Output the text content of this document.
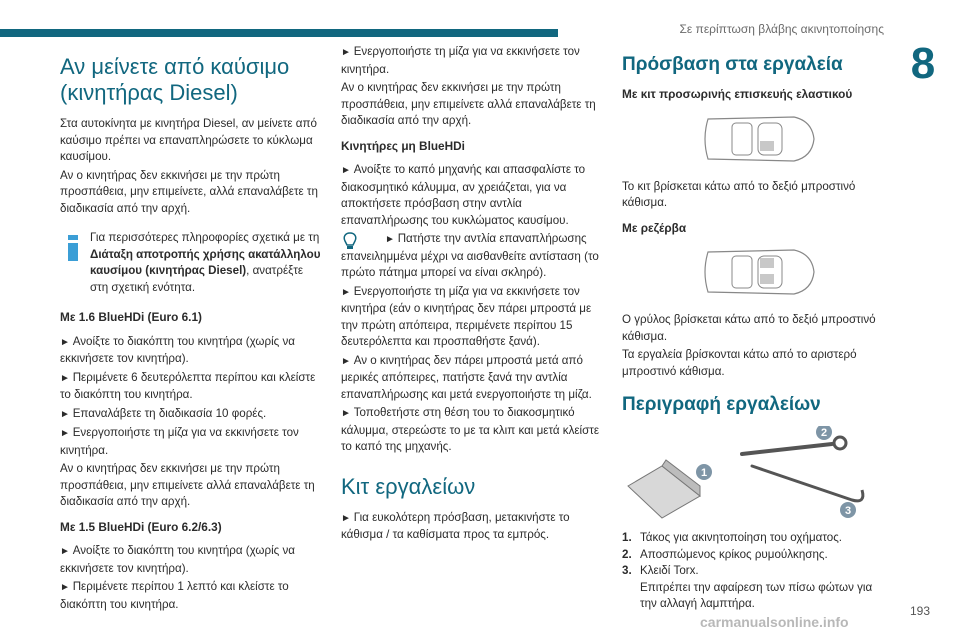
Σε περίπτωση βλάβης ακινητοποίησης
8
Αν μείνετε από καύσιμο
(κινητήρας Diesel)

Στα αυτοκίνητα με κινητήρα Diesel, αν μείνετε από καύσιμο πρέπει να επαναπληρώσετε το κύκλωμα καυσίμου.

Αν ο κινητήρας δεν εκκινήσει με την πρώτη προσπάθεια, μην επιμείνετε, αλλά επαναλάβετε τη διαδικασία από την αρχή.

Για περισσότερες πληροφορίες σχετικά με τη Διάταξη αποτροπής χρήσης ακατάλληλου καυσίμου (κινητήρας Diesel), ανατρέξτε στη σχετική ενότητα.
Με 1.6 BlueHDi (Euro 6.1)

► Ανοίξτε το διακόπτη του κινητήρα (χωρίς να εκκινήσετε τον κινητήρα).

► Περιμένετε 6 δευτερόλεπτα περίπου και κλείστε το διακόπτη του κινητήρα.

► Επαναλάβετε τη διαδικασία 10 φορές.

► Ενεργοποιήστε τη μίζα για να εκκινήσετε τον κινητήρα.

Αν ο κινητήρας δεν εκκινήσει με την πρώτη προσπάθεια, μην επιμείνετε αλλά επαναλάβετε τη διαδικασία από την αρχή.

Με 1.5 BlueHDi (Euro 6.2/6.3)

► Ανοίξτε το διακόπτη του κινητήρα (χωρίς να εκκινήσετε τον κινητήρα).

► Περιμένετε περίπου 1 λεπτό και κλείστε το διακόπτη του κινητήρα.

► Ενεργοποιήστε τη μίζα για να εκκινήσετε τον κινητήρα.

Αν ο κινητήρας δεν εκκινήσει με την πρώτη προσπάθεια, μην επιμείνετε αλλά επαναλάβετε τη διαδικασία από την αρχή.

Κινητήρες μη BlueHDi

► Ανοίξτε το καπό μηχανής και απασφαλίστε το διακοσμητικό κάλυμμα, αν χρειάζεται, για να αποκτήσετε πρόσβαση στην αντλία επαναπλήρωσης του κυκλώματος καυσίμου.

► Πατήστε την αντλία επαναπλήρωσης επανειλημμένα μέχρι να αισθανθείτε αντίσταση (το πρώτο πάτημα μπορεί να είναι σκληρό).

► Ενεργοποιήστε τη μίζα για να εκκινήσετε τον κινητήρα (εάν ο κινητήρας δεν πάρει μπροστά με την πρώτη απόπειρα, περιμένετε περίπου 15 δευτερόλεπτα και προσπαθήστε ξανά).

► Αν ο κινητήρας δεν πάρει μπροστά μετά από μερικές απόπειρες, πατήστε ξανά την αντλία επαναπλήρωσης και μετά ενεργοποιήστε τη μίζα.

► Τοποθετήστε στη θέση του το διακοσμητικό κάλυμμα, στερεώστε το με τα κλιπ και μετά κλείστε το καπό της μηχανής.

Κιτ εργαλείων

► Για ευκολότερη πρόσβαση, μετακινήστε το κάθισμα / τα καθίσματα προς τα εμπρός.

Πρόσβαση στα εργαλεία
Με κιτ προσωρινής επισκευής ελαστικού

Το κιτ βρίσκεται κάτω από το δεξιό μπροστινό κάθισμα.

Με ρεζέρβα

Ο γρύλος βρίσκεται κάτω από το δεξιό μπροστινό κάθισμα.

Τα εργαλεία βρίσκονται κάτω από το αριστερό μπροστινό κάθισμα.

Περιγραφή εργαλείων
1
2
3
1. Τάκος για ακινητοποίηση του οχήματος.
2. Αποσπώμενος κρίκος ρυμούλκησης.
3. Κλειδί Torx.

Επιτρέπει την αφαίρεση των πίσω φώτων για την αλλαγή λαμπτήρα.

193
carmanualsonline.info
